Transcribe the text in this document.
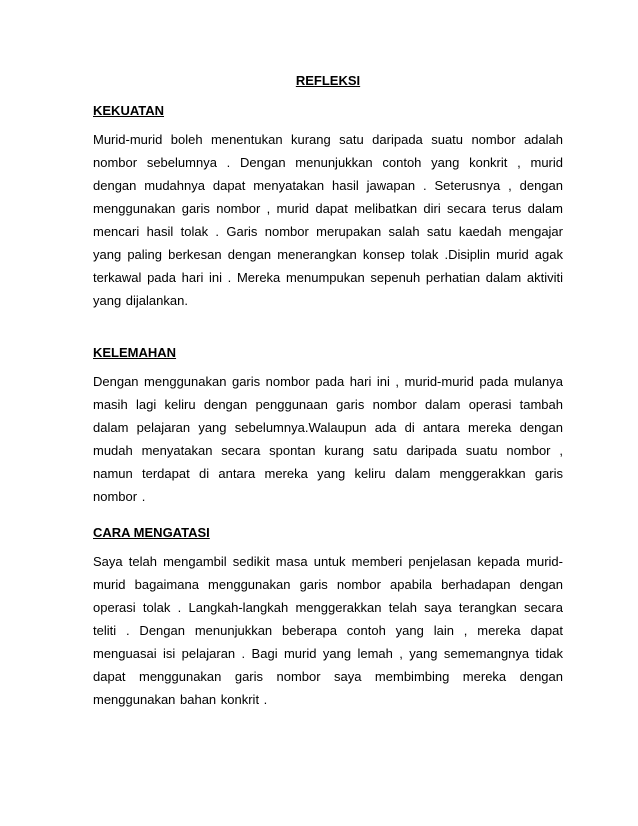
REFLEKSI

KEKUATAN

Murid-murid boleh menentukan kurang satu daripada suatu nombor adalah nombor sebelumnya . Dengan menunjukkan contoh yang konkrit , murid dengan mudahnya dapat menyatakan hasil jawapan . Seterusnya , dengan menggunakan garis nombor , murid dapat melibatkan diri secara terus dalam mencari hasil tolak . Garis nombor merupakan salah satu kaedah mengajar yang paling berkesan dengan menerangkan konsep tolak .Disiplin murid agak terkawal pada hari ini . Mereka menumpukan sepenuh perhatian dalam aktiviti yang dijalankan.

KELEMAHAN

Dengan menggunakan garis nombor pada hari ini , murid-murid pada mulanya masih lagi keliru dengan penggunaan garis nombor dalam operasi tambah dalam pelajaran yang sebelumnya.Walaupun ada di antara mereka dengan mudah menyatakan secara spontan kurang satu daripada suatu nombor , namun terdapat di antara mereka yang keliru dalam menggerakkan garis nombor .

CARA MENGATASI

Saya telah mengambil sedikit masa untuk memberi penjelasan kepada murid-murid bagaimana menggunakan garis nombor apabila berhadapan dengan operasi tolak . Langkah-langkah menggerakkan telah saya terangkan secara teliti . Dengan menunjukkan beberapa contoh yang lain , mereka dapat menguasai isi pelajaran . Bagi murid yang lemah , yang sememangnya tidak dapat menggunakan garis nombor saya membimbing mereka dengan menggunakan bahan konkrit .
